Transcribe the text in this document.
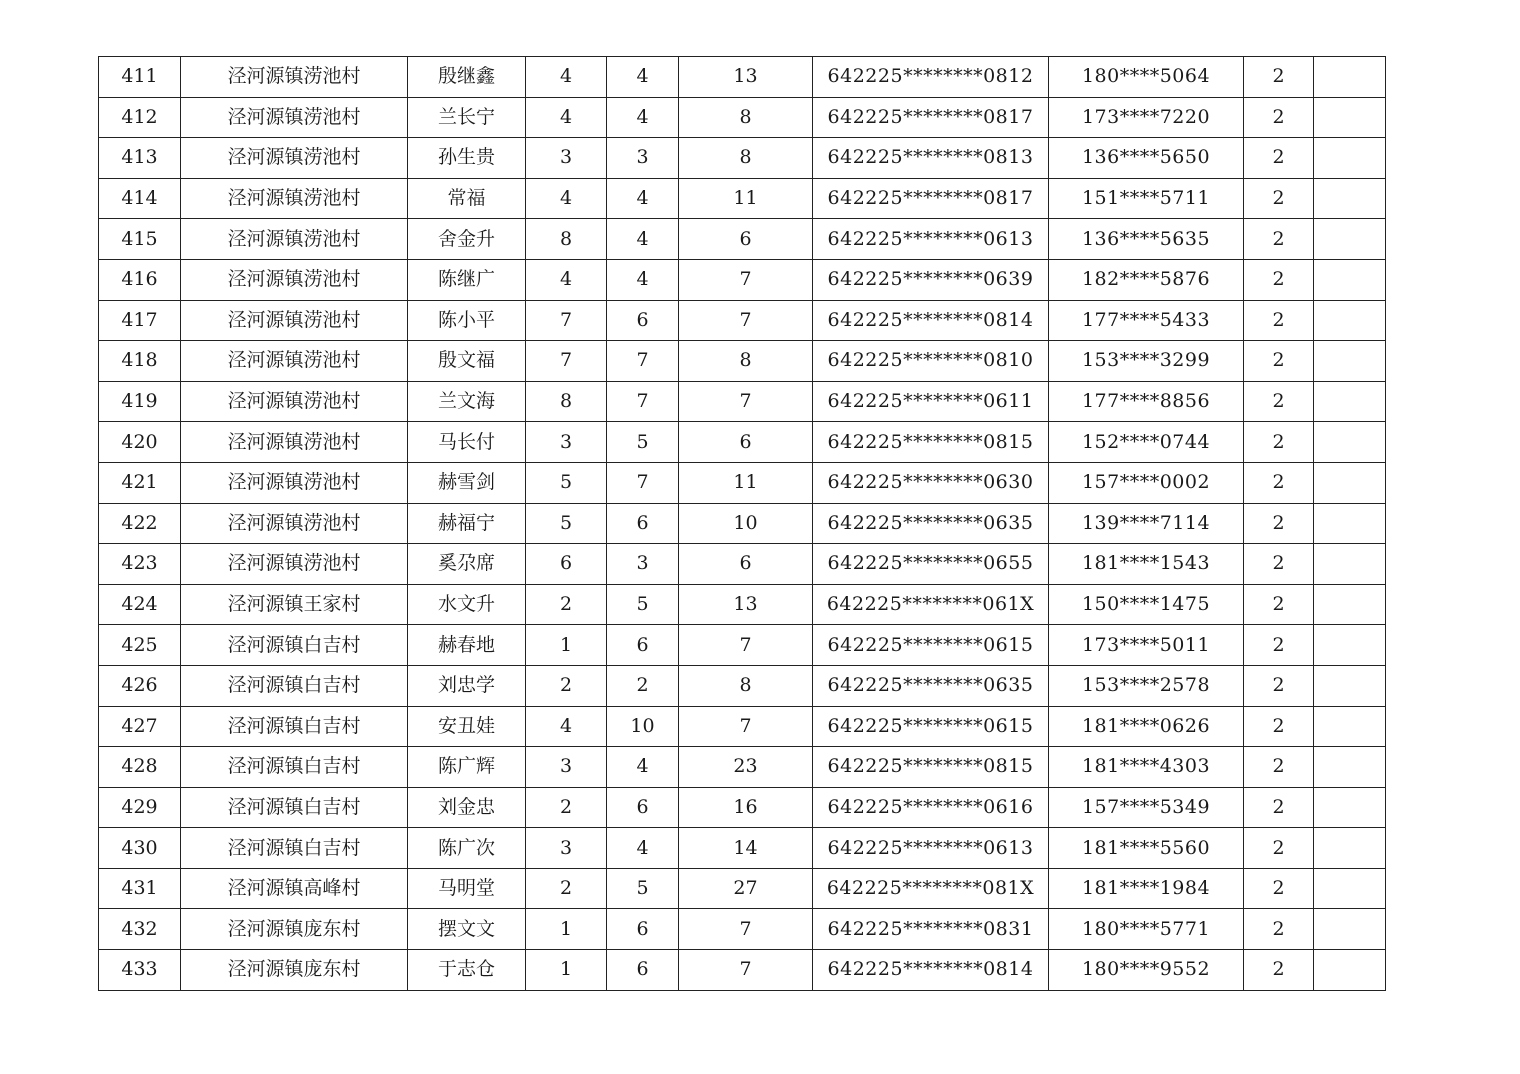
411	泾河源镇涝池村	殷继鑫	4	4	13	642225********0812	180****5064	2	
412	泾河源镇涝池村	兰长宁	4	4	8	642225********0817	173****7220	2	
413	泾河源镇涝池村	孙生贵	3	3	8	642225********0813	136****5650	2	
414	泾河源镇涝池村	常福	4	4	11	642225********0817	151****5711	2	
415	泾河源镇涝池村	舍金升	8	4	6	642225********0613	136****5635	2	
416	泾河源镇涝池村	陈继广	4	4	7	642225********0639	182****5876	2	
417	泾河源镇涝池村	陈小平	7	6	7	642225********0814	177****5433	2	
418	泾河源镇涝池村	殷文福	7	7	8	642225********0810	153****3299	2	
419	泾河源镇涝池村	兰文海	8	7	7	642225********0611	177****8856	2	
420	泾河源镇涝池村	马长付	3	5	6	642225********0815	152****0744	2	
421	泾河源镇涝池村	赫雪剑	5	7	11	642225********0630	157****0002	2	
422	泾河源镇涝池村	赫福宁	5	6	10	642225********0635	139****7114	2	
423	泾河源镇涝池村	奚尕席	6	3	6	642225********0655	181****1543	2	
424	泾河源镇王家村	水文升	2	5	13	642225********061X	150****1475	2	
425	泾河源镇白吉村	赫春地	1	6	7	642225********0615	173****5011	2	
426	泾河源镇白吉村	刘忠学	2	2	8	642225********0635	153****2578	2	
427	泾河源镇白吉村	安丑娃	4	10	7	642225********0615	181****0626	2	
428	泾河源镇白吉村	陈广辉	3	4	23	642225********0815	181****4303	2	
429	泾河源镇白吉村	刘金忠	2	6	16	642225********0616	157****5349	2	
430	泾河源镇白吉村	陈广次	3	4	14	642225********0613	181****5560	2	
431	泾河源镇高峰村	马明堂	2	5	27	642225********081X	181****1984	2	
432	泾河源镇庞东村	摆文文	1	6	7	642225********0831	180****5771	2	
433	泾河源镇庞东村	于志仓	1	6	7	642225********0814	180****9552	2	
